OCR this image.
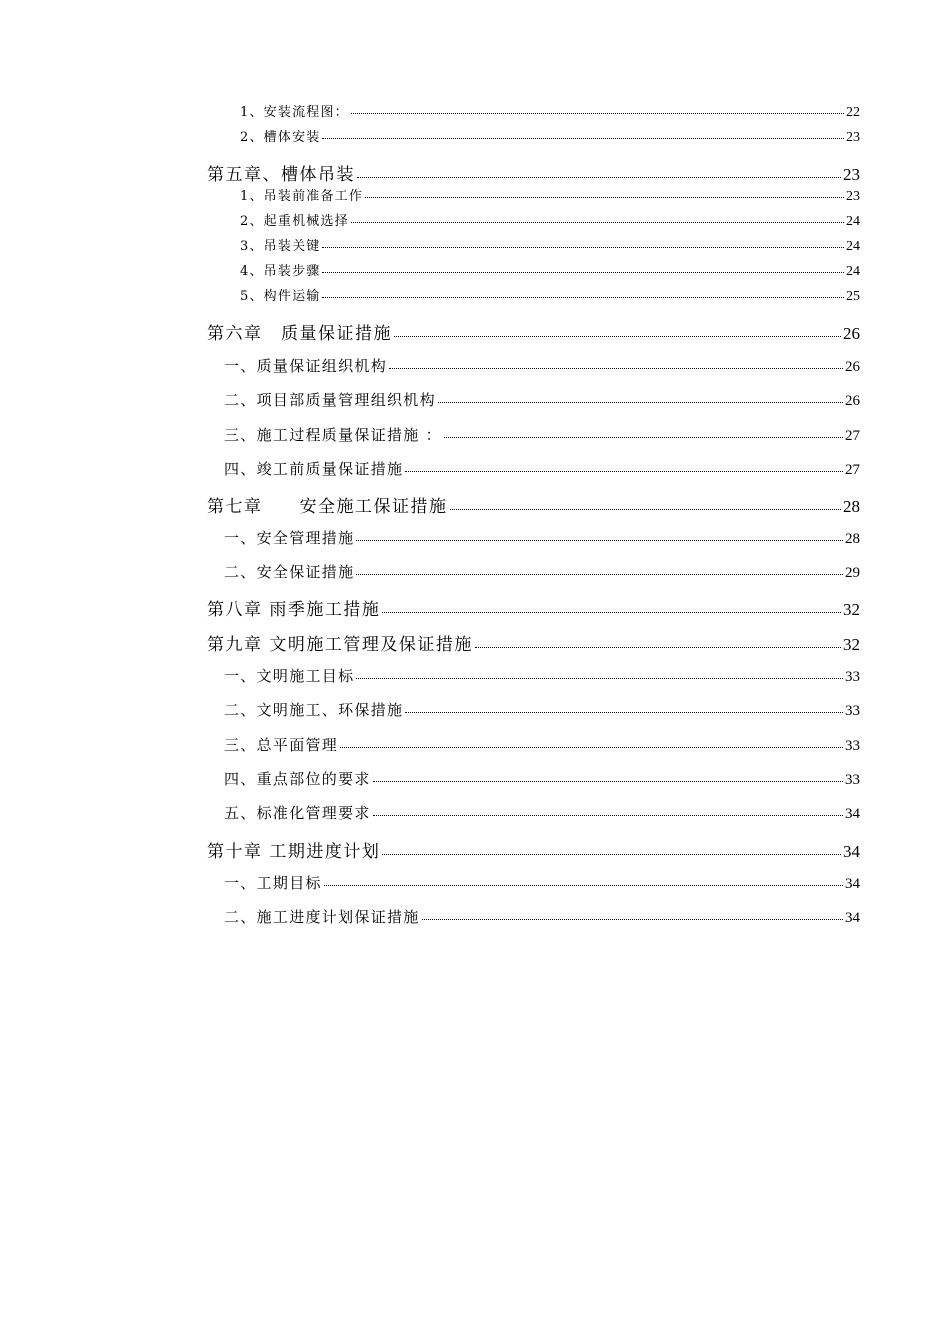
1、安装流程图：	22
2、槽体安装	23
第五章、槽体吊装	23
1、吊装前准备工作	23
2、起重机械选择	24
3、吊装关键	24
4、吊装步骤	24
5、构件运输	25
第六章　质量保证措施	26
一、质量保证组织机构	26
二、项目部质量管理组织机构	26
三、施工过程质量保证措施 ：	27
四、竣工前质量保证措施	27
第七章　　安全施工保证措施	28
一、安全管理措施	28
二、安全保证措施	29
第八章 雨季施工措施	32
第九章 文明施工管理及保证措施	32
一、文明施工目标	33
二、文明施工、环保措施	33
三、总平面管理	33
四、重点部位的要求	33
五、标准化管理要求	34
第十章 工期进度计划	34
一、工期目标	34
二、施工进度计划保证措施	34
